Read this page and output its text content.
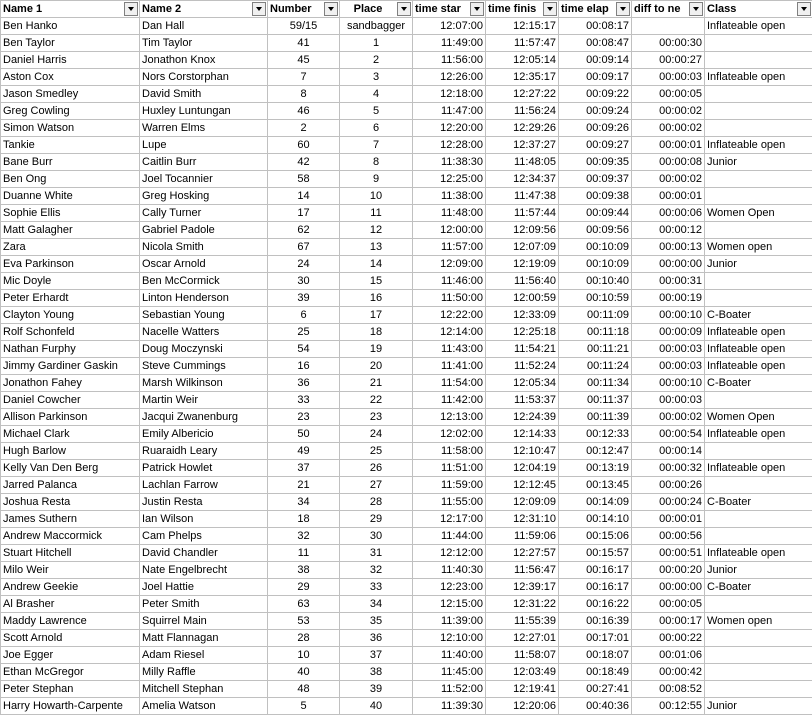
Name 1	Name 2	Number	Place	time star	time finis	time elap	diff to ne	Class

Ben Hanko	Dan Hall	59/15	sandbagger	12:07:00	12:15:17	00:08:17		Inflateable open
Ben Taylor	Tim Taylor	41	1	11:49:00	11:57:47	00:08:47	00:00:30	
Daniel Harris	Jonathon Knox	45	2	11:56:00	12:05:14	00:09:14	00:00:27	
Aston Cox	Nors Corstorphan	7	3	12:26:00	12:35:17	00:09:17	00:00:03	Inflateable open
Jason Smedley	David Smith	8	4	12:18:00	12:27:22	00:09:22	00:00:05	
Greg Cowling	Huxley Luntungan	46	5	11:47:00	11:56:24	00:09:24	00:00:02	
Simon Watson	Warren Elms	2	6	12:20:00	12:29:26	00:09:26	00:00:02	
Tankie	Lupe	60	7	12:28:00	12:37:27	00:09:27	00:00:01	Inflateable open
Bane Burr	Caitlin Burr	42	8	11:38:30	11:48:05	00:09:35	00:00:08	Junior
Ben Ong	Joel Tocannier	58	9	12:25:00	12:34:37	00:09:37	00:00:02	
Duanne White	Greg Hosking	14	10	11:38:00	11:47:38	00:09:38	00:00:01	
Sophie Ellis	Cally Turner	17	11	11:48:00	11:57:44	00:09:44	00:00:06	Women Open
Matt Galagher	Gabriel Padole	62	12	12:00:00	12:09:56	00:09:56	00:00:12	
Zara	Nicola Smith	67	13	11:57:00	12:07:09	00:10:09	00:00:13	Women open
Eva Parkinson	Oscar Arnold	24	14	12:09:00	12:19:09	00:10:09	00:00:00	Junior
Mic Doyle	Ben McCormick	30	15	11:46:00	11:56:40	00:10:40	00:00:31	
Peter Erhardt	Linton Henderson	39	16	11:50:00	12:00:59	00:10:59	00:00:19	
Clayton Young	Sebastian Young	6	17	12:22:00	12:33:09	00:11:09	00:00:10	C-Boater
Rolf Schonfeld	Nacelle Watters	25	18	12:14:00	12:25:18	00:11:18	00:00:09	Inflateable open
Nathan Furphy	Doug Moczynski	54	19	11:43:00	11:54:21	00:11:21	00:00:03	Inflateable open
Jimmy Gardiner Gaskin	Steve Cummings	16	20	11:41:00	11:52:24	00:11:24	00:00:03	Inflateable open
Jonathon Fahey	Marsh Wilkinson	36	21	11:54:00	12:05:34	00:11:34	00:00:10	C-Boater
Daniel Cowcher	Martin Weir	33	22	11:42:00	11:53:37	00:11:37	00:00:03	
Allison Parkinson	Jacqui Zwanenburg	23	23	12:13:00	12:24:39	00:11:39	00:00:02	Women Open
Michael Clark	Emily Albericio	50	24	12:02:00	12:14:33	00:12:33	00:00:54	Inflateable open
Hugh Barlow	Ruaraidh Leary	49	25	11:58:00	12:10:47	00:12:47	00:00:14	
Kelly Van Den Berg	Patrick Howlet	37	26	11:51:00	12:04:19	00:13:19	00:00:32	Inflateable open
Jarred Palanca	Lachlan Farrow	21	27	11:59:00	12:12:45	00:13:45	00:00:26	
Joshua Resta	Justin Resta	34	28	11:55:00	12:09:09	00:14:09	00:00:24	C-Boater
James Suthern	Ian Wilson	18	29	12:17:00	12:31:10	00:14:10	00:00:01	
Andrew Maccormick	Cam Phelps	32	30	11:44:00	11:59:06	00:15:06	00:00:56	
Stuart Hitchell	David Chandler	11	31	12:12:00	12:27:57	00:15:57	00:00:51	Inflateable open
Milo Weir	Nate Engelbrecht	38	32	11:40:30	11:56:47	00:16:17	00:00:20	Junior
Andrew Geekie	Joel Hattie	29	33	12:23:00	12:39:17	00:16:17	00:00:00	C-Boater
Al Brasher	Peter Smith	63	34	12:15:00	12:31:22	00:16:22	00:00:05	
Maddy Lawrence	Squirrel Main	53	35	11:39:00	11:55:39	00:16:39	00:00:17	Women open
Scott Arnold	Matt Flannagan	28	36	12:10:00	12:27:01	00:17:01	00:00:22	
Joe Egger	Adam Riesel	10	37	11:40:00	11:58:07	00:18:07	00:01:06	
Ethan McGregor	Milly Raffle	40	38	11:45:00	12:03:49	00:18:49	00:00:42	
Peter Stephan	Mitchell Stephan	48	39	11:52:00	12:19:41	00:27:41	00:08:52	
Harry Howarth-Carpente	Amelia Watson	5	40	11:39:30	12:20:06	00:40:36	00:12:55	Junior
